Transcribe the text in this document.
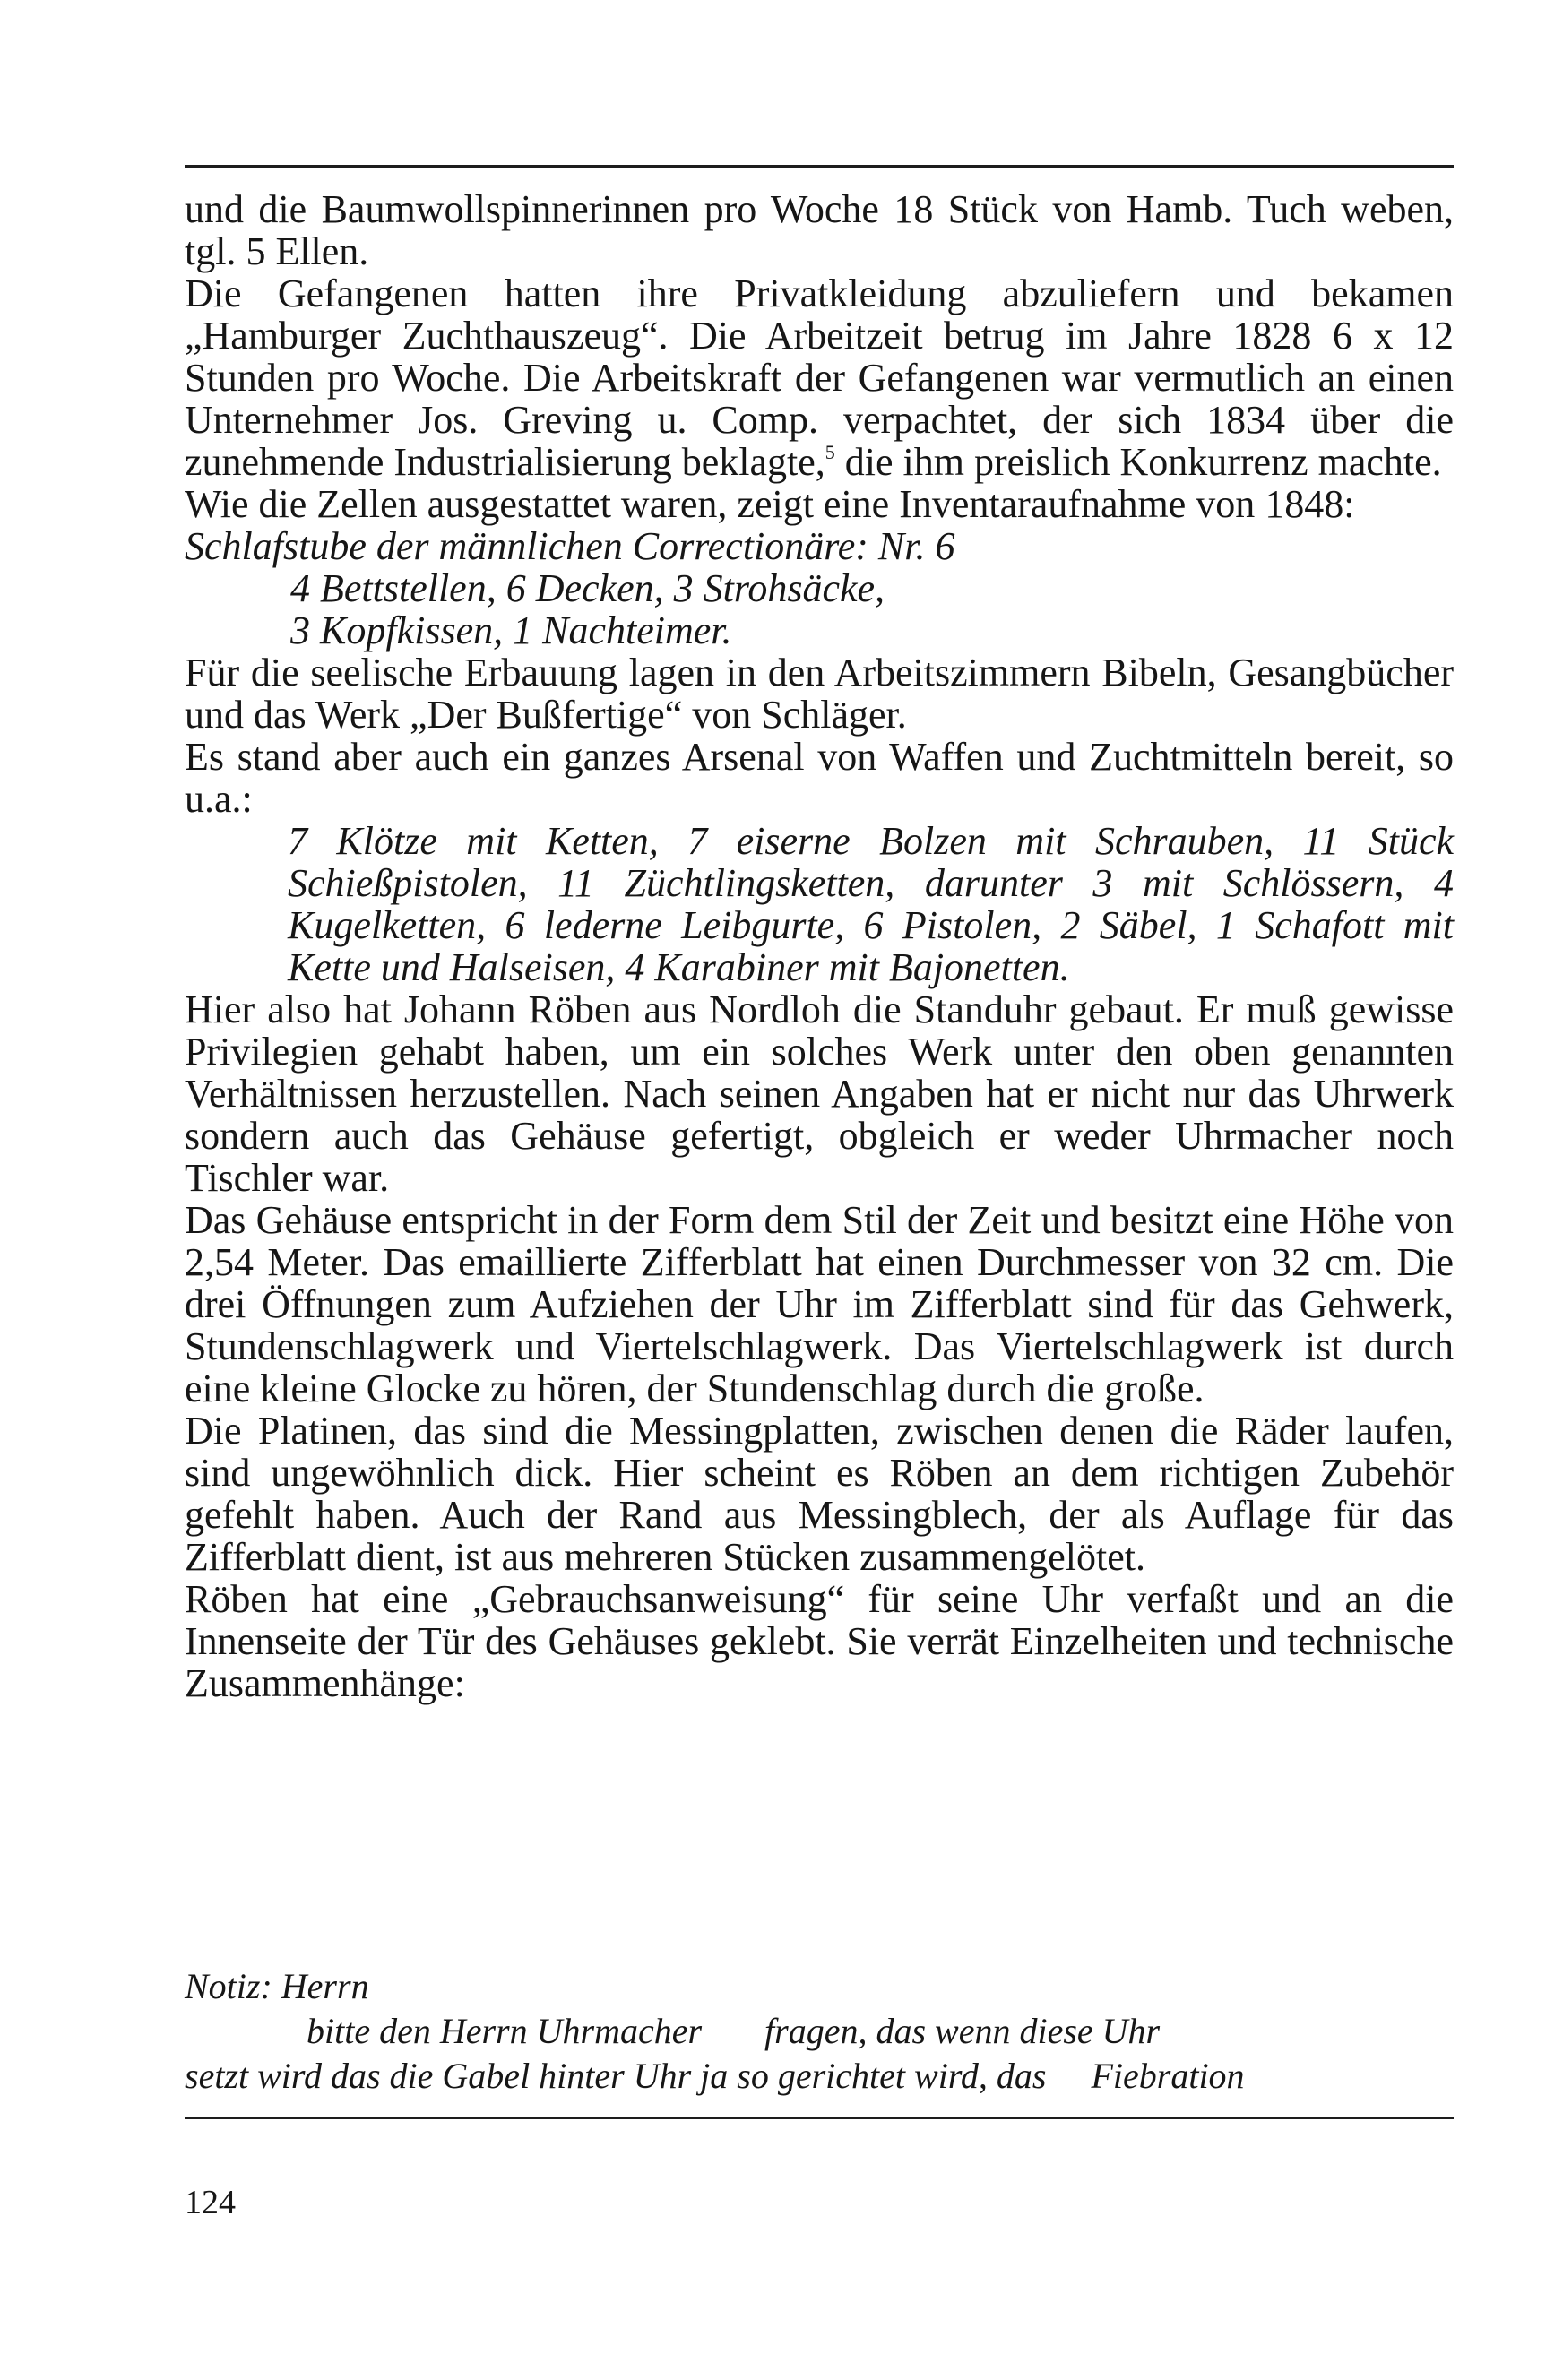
und die Baumwollspinnerinnen pro Woche 18 Stück von Hamb. Tuch weben, tgl. 5 Ellen.

Die Gefangenen hatten ihre Privatkleidung abzuliefern und bekamen „Hamburger Zuchthauszeug“. Die Arbeitzeit betrug im Jahre 1828 6 x 12 Stunden pro Woche. Die Arbeitskraft der Gefangenen war vermutlich an einen Unternehmer Jos. Greving u. Comp. verpachtet, der sich 1834 über die zunehmende Industrialisierung beklagte,$^5$ die ihm preislich Konkurrenz machte.

Wie die Zellen ausgestattet waren, zeigt eine Inventaraufnahme von 1848:

Schlafstube der männlichen Correctionäre: Nr. 6

4 Bettstellen, 6 Decken, 3 Strohsäcke,

3 Kopfkissen, 1 Nachteimer.

Für die seelische Erbauung lagen in den Arbeitszimmern Bibeln, Gesangbücher und das Werk „Der Bußfertige“ von Schläger.

Es stand aber auch ein ganzes Arsenal von Waffen und Zuchtmitteln bereit, so u.a.:

7 Klötze mit Ketten, 7 eiserne Bolzen mit Schrauben, 11 Stück Schießpistolen, 11 Züchtlingsketten, darunter 3 mit Schlössern, 4 Kugelketten, 6 lederne Leibgurte, 6 Pistolen, 2 Säbel, 1 Schafott mit Kette und Halseisen, 4 Karabiner mit Bajonetten.

Hier also hat Johann Röben aus Nordloh die Standuhr gebaut. Er muß gewisse Privilegien gehabt haben, um ein solches Werk unter den oben genannten Verhältnissen herzustellen. Nach seinen Angaben hat er nicht nur das Uhrwerk sondern auch das Gehäuse gefertigt, obgleich er weder Uhrmacher noch Tischler war.

Das Gehäuse entspricht in der Form dem Stil der Zeit und besitzt eine Höhe von 2,54 Meter. Das emaillierte Zifferblatt hat einen Durchmesser von 32 cm. Die drei Öffnungen zum Aufziehen der Uhr im Zifferblatt sind für das Gehwerk, Stundenschlagwerk und Viertelschlagwerk. Das Viertelschlagwerk ist durch eine kleine Glocke zu hören, der Stundenschlag durch die große.

Die Platinen, das sind die Messingplatten, zwischen denen die Räder laufen, sind ungewöhnlich dick. Hier scheint es Röben an dem richtigen Zubehör gefehlt haben. Auch der Rand aus Messingblech, der als Auflage für das Zifferblatt dient, ist aus mehreren Stücken zusammengelötet.

Röben hat eine „Gebrauchsanweisung“ für seine Uhr verfaßt und an die Innenseite der Tür des Gehäuses geklebt. Sie verrät Einzelheiten und technische Zusammenhänge:

Notiz: Herrn
bitte den Herrn Uhrmacher       fragen, das wenn diese Uhr
setzt wird das die Gabel hinter Uhr ja so gerichtet wird, das     Fiebration
124
